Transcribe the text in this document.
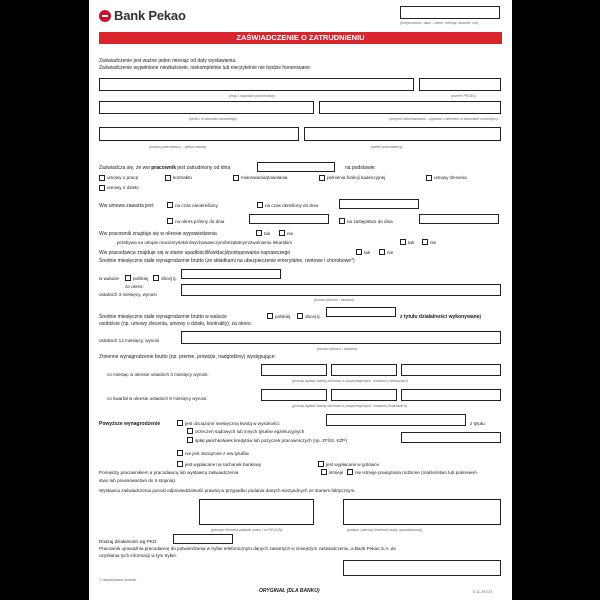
Bank Pekao	(miejscowość, data – dzień, miesiąc słownie, rok)
ZAŚWIADCZENIE O ZATRUDNIENIU
Zaświadczenie jest ważne jeden miesiąc od daty wystawienia.
Zaświadczenie wypełnione niewłaściwie, niekompletnie lub nieczytelnie nie będzie honorowane.
(imię i nazwisko pracownika)	(numer PESEL)
(seria i nr dowodu osobistego)	(miejsce zamieszkania – zgodnie z adresem w dowodzie osobistym)
(nazwa pracodawcy – pełna nazwa)	(adres pracodawcy)
Zaświadcza się, że ww pracownik jest zatrudniony od dnia	na podstawie:
umowy o pracę	kontraktu	mianowania/powołania	pełnienia funkcji kadencyjnej	umowy zlecenia
umowy o dzieło
Ww umowa zawarta jest:	na czas nieokreślony	na czas określony do dnia
na okres próbny do dnia	na zastępstwo do dnia
Ww pracownik znajduje się w okresie wypowiedzenia	tak	nie
przebywa na urlopie macierzyńskim/wychowawczym/bezpłatnym/zwolnieniu lekarskim	tak	nie
Ww pracodawca znajduje się w stanie upadłości/likwidacji/postępowania naprawczego	tak	nie
Średnie miesięczne stałe wynagrodzenie brutto (ze składkami na ubezpieczenie emerytalne, rentowe i chorobowe*)
w walucie	polskiej	obcej tj.
za okres:
ostatnich 3 miesięcy, wynosi
(kwota cyfrowo / słownie)
Średnie miesięczne stałe wynagrodzenie brutto w walucie	polskiej	obcej tj.	z tytułu działalności wykonywanej
osobiście (np. umowy zlecenia, umowy o dzieło, kontrakty), za okres:
ostatnich 12 miesięcy, wynosi
(kwota cyfrowo / słownie)
Zmienne wynagrodzenie brutto (np. premie, prowizje, nadgodziny) występujące:
co miesiąc w okresie ostatnich 3 miesięcy wynosi:
(proszę wpisać kwotę dochodu w poszczególnych, ostatnich miesiącach)
co kwartał w okresie ostatnich 9 miesięcy wynosi:
(proszę wpisać kwotę dochodu w poszczególnych, ostatnich kwartałach)
Powyższe wynagrodzenie	jest obciążone miesięczną kwotą w wysokości:	z tytułu:
orzeczeń sądowych lub innych tytułów egzekucyjnych
spłat jakichkolwiek kredytów lub pożyczek pracowniczych (np. ZFŚS, KZP)
nie jest obciążone z ww tytułów
jest wypłacane na rachunek bankowy	jest wypłacane w gotówce
Pomiędzy pracownikiem a pracodawcą lub wystawcą zaświadczenia	istnieje	nie istnieje powiązania rodzinne (małżeństwo lub pokrewień-
stwo lub powinowactwo do II stopnia).
Wystawca zaświadczenia ponosi odpowiedzialność prawną w przypadku podania danych niezgodnych ze stanem faktycznym.
(pieczęć firmowa zakładu pracy i nr REGON)	(podpis i pieczęć imienna osoby upoważnionej)
Rodzaj działalności wg PKD:
Pracownik upoważnia pracodawcę do potwierdzenia w trybie telefonicznym danych zawartych w niniejszym zaświadczeniu, a Bank Pekao S.A. do
uzyskania tych informacji w tym trybie.
*) niepotrzebne skreślić
ORYGINAŁ (DLA BANKU)	5-11-397/13
